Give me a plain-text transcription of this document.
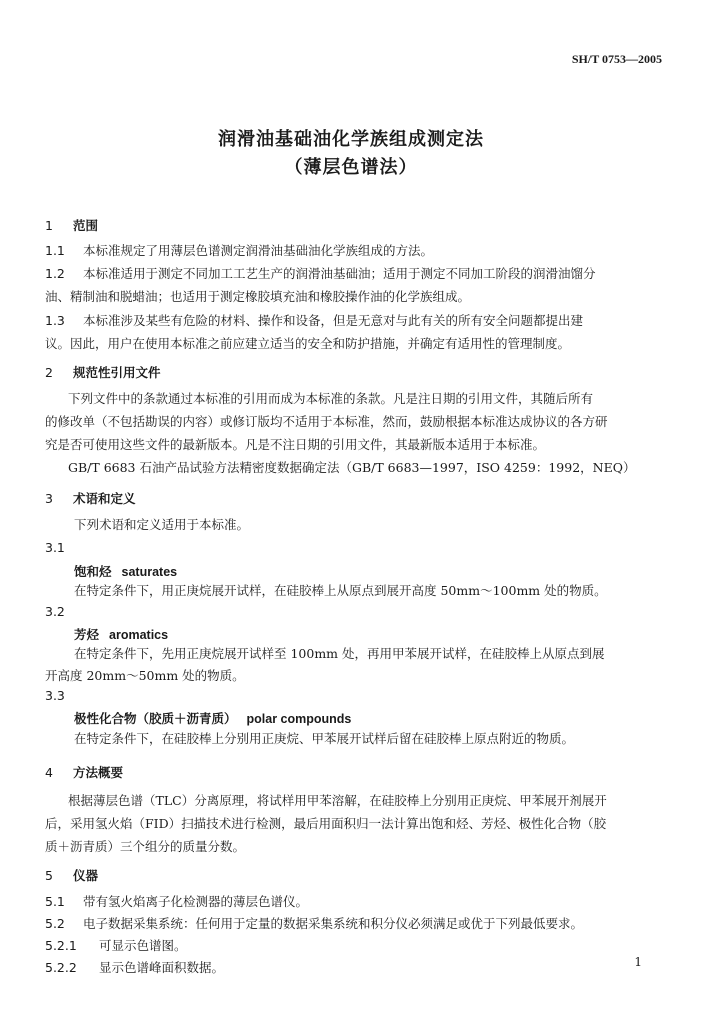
SH/T 0753—2005
润滑油基础油化学族组成测定法
（薄层色谱法）
1 范围
1.1 本标准规定了用薄层色谱测定润滑油基础油化学族组成的方法。
1.2 本标准适用于测定不同加工工艺生产的润滑油基础油；适用于测定不同加工阶段的润滑油馏分
油、精制油和脱蜡油；也适用于测定橡胶填充油和橡胶操作油的化学族组成。
1.3 本标准涉及某些有危险的材料、操作和设备，但是无意对与此有关的所有安全问题都提出建
议。因此，用户在使用本标准之前应建立适当的安全和防护措施，并确定有适用性的管理制度。
2 规范性引用文件
下列文件中的条款通过本标准的引用而成为本标准的条款。凡是注日期的引用文件，其随后所有
的修改单（不包括勘误的内容）或修订版均不适用于本标准，然而，鼓励根据本标准达成协议的各方研
究是否可使用这些文件的最新版本。凡是不注日期的引用文件，其最新版本适用于本标准。
GB/T 6683 石油产品试验方法精密度数据确定法（GB/T 6683—1997，ISO 4259：1992，NEQ）
3 术语和定义
下列术语和定义适用于本标准。
3.1
饱和烃 saturates
在特定条件下，用正庚烷展开试样，在硅胶棒上从原点到展开高度 50mm～100mm 处的物质。
3.2
芳烃 aromatics
在特定条件下，先用正庚烷展开试样至 100mm 处，再用甲苯展开试样，在硅胶棒上从原点到展
开高度 20mm～50mm 处的物质。
3.3
极性化合物（胶质＋沥青质） polar compounds
在特定条件下，在硅胶棒上分别用正庚烷、甲苯展开试样后留在硅胶棒上原点附近的物质。
4 方法概要
根据薄层色谱（TLC）分离原理，将试样用甲苯溶解，在硅胶棒上分别用正庚烷、甲苯展开剂展开
后，采用氢火焰（FID）扫描技术进行检测，最后用面积归一法计算出饱和烃、芳烃、极性化合物（胶
质＋沥青质）三个组分的质量分数。
5 仪器
5.1 带有氢火焰离子化检测器的薄层色谱仪。
5.2 电子数据采集系统：任何用于定量的数据采集系统和积分仪必须满足或优于下列最低要求。
5.2.1 可显示色谱图。
5.2.2 显示色谱峰面积数据。	1
